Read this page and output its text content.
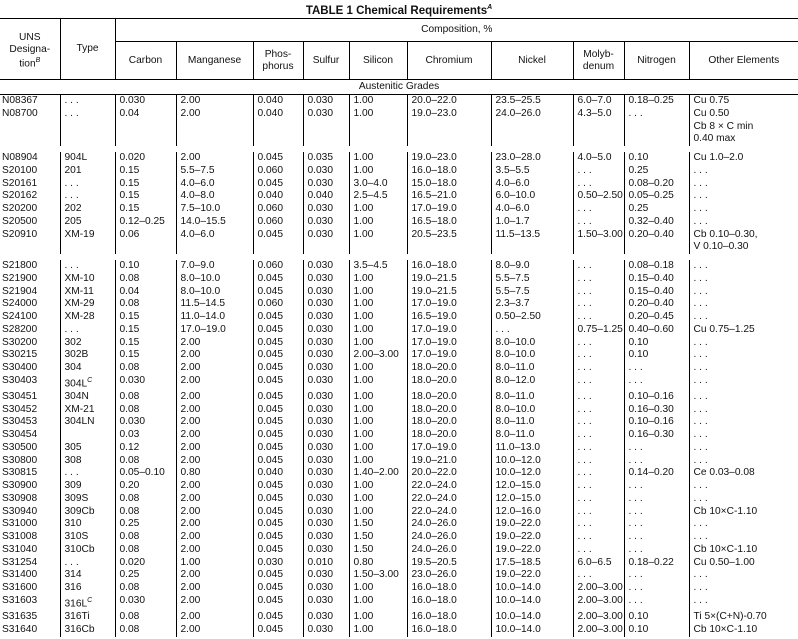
TABLE 1 Chemical Requirements$^A$
UNS
Designa-
tion$^B$	Type	Composition, %									
		Carbon	Manganese	Phos-
phorus	Sulfur	Silicon	Chromium	Nickel	Molyb-
denum	Nitrogen	Other Elements
Austenitic Grades											
N08367	. . .	0.030	2.00	0.040	0.030	1.00	20.0–22.0	23.5–25.5	6.0–7.0	0.18–0.25	Cu 0.75
N08700	. . .	0.04	2.00	0.040	0.030	1.00	19.0–23.0	24.0–26.0	4.3–5.0	. . .	Cu 0.50
											Cb 8 × C min
											0.40 max

N08904	904L	0.020	2.00	0.045	0.035	1.00	19.0–23.0	23.0–28.0	4.0–5.0	0.10	Cu 1.0–2.0
S20100	201	0.15	5.5–7.5	0.060	0.030	1.00	16.0–18.0	3.5–5.5	. . .	0.25	. . .
S20161	. . .	0.15	4.0–6.0	0.045	0.030	3.0–4.0	15.0–18.0	4.0–6.0	. . .	0.08–0.20	. . .
S20162	. . .	0.15	4.0–8.0	0.040	0.040	2.5–4.5	16.5–21.0	6.0–10.0	0.50–2.50	0.05–0.25	. . .
S20200	202	0.15	7.5–10.0	0.060	0.030	1.00	17.0–19.0	4.0–6.0	. . .	0.25	. . .
S20500	205	0.12–0.25	14.0–15.5	0.060	0.030	1.00	16.5–18.0	1.0–1.7	. . .	0.32–0.40	. . .
S20910	XM-19	0.06	4.0–6.0	0.045	0.030	1.00	20.5–23.5	11.5–13.5	1.50–3.00	0.20–0.40	Cb 0.10–0.30,
											V 0.10–0.30

S21800	. . .	0.10	7.0–9.0	0.060	0.030	3.5–4.5	16.0–18.0	8.0–9.0	. . .	0.08–0.18	. . .
S21900	XM-10	0.08	8.0–10.0	0.045	0.030	1.00	19.0–21.5	5.5–7.5	. . .	0.15–0.40	. . .
S21904	XM-11	0.04	8.0–10.0	0.045	0.030	1.00	19.0–21.5	5.5–7.5	. . .	0.15–0.40	. . .
S24000	XM-29	0.08	11.5–14.5	0.060	0.030	1.00	17.0–19.0	2.3–3.7	. . .	0.20–0.40	. . .
S24100	XM-28	0.15	11.0–14.0	0.045	0.030	1.00	16.5–19.0	0.50–2.50	. . .	0.20–0.45	. . .
S28200	. . .	0.15	17.0–19.0	0.045	0.030	1.00	17.0–19.0	. . .	0.75–1.25	0.40–0.60	Cu 0.75–1.25
S30200	302	0.15	2.00	0.045	0.030	1.00	17.0–19.0	8.0–10.0	. . .	0.10	. . .
S30215	302B	0.15	2.00	0.045	0.030	2.00–3.00	17.0–19.0	8.0–10.0	. . .	0.10	. . .
S30400	304	0.08	2.00	0.045	0.030	1.00	18.0–20.0	8.0–11.0	. . .	. . .	. . .
S30403	$304L^C$	0.030	2.00	0.045	0.030	1.00	18.0–20.0	8.0–12.0	. . .	. . .	. . .
S30451	304N	0.08	2.00	0.045	0.030	1.00	18.0–20.0	8.0–11.0	. . .	0.10–0.16	. . .
S30452	XM-21	0.08	2.00	0.045	0.030	1.00	18.0–20.0	8.0–10.0	. . .	0.16–0.30	. . .
S30453	304LN	0.030	2.00	0.045	0.030	1.00	18.0–20.0	8.0–11.0	. . .	0.10–0.16	. . .
S30454		0.03	2.00	0.045	0.030	1.00	18.0–20.0	8.0–11.0	. . .	0.16–0.30	. . .
S30500	305	0.12	2.00	0.045	0.030	1.00	17.0–19.0	11.0–13.0	. . .	. . .	. . .
S30800	308	0.08	2.00	0.045	0.030	1.00	19.0–21.0	10.0–12.0	. . .	. . .	. . .
S30815	. . .	0.05–0.10	0.80	0.040	0.030	1.40–2.00	20.0–22.0	10.0–12.0	. . .	0.14–0.20	Ce 0.03–0.08
S30900	309	0.20	2.00	0.045	0.030	1.00	22.0–24.0	12.0–15.0	. . .	. . .	. . .
S30908	309S	0.08	2.00	0.045	0.030	1.00	22.0–24.0	12.0–15.0	. . .	. . .	. . .
S30940	309Cb	0.08	2.00	0.045	0.030	1.00	22.0–24.0	12.0–16.0	. . .	. . .	Cb 10×C-1.10
S31000	310	0.25	2.00	0.045	0.030	1.50	24.0–26.0	19.0–22.0	. . .	. . .	. . .
S31008	310S	0.08	2.00	0.045	0.030	1.50	24.0–26.0	19.0–22.0	. . .	. . .	. . .
S31040	310Cb	0.08	2.00	0.045	0.030	1.50	24.0–26.0	19.0–22.0	. . .	. . .	Cb 10×C-1.10
S31254	. . .	0.020	1.00	0.030	0.010	0.80	19.5–20.5	17.5–18.5	6.0–6.5	0.18–0.22	Cu 0.50–1.00
S31400	314	0.25	2.00	0.045	0.030	1.50–3.00	23.0–26.0	19.0–22.0	. . .	. . .	. . .
S31600	316	0.08	2.00	0.045	0.030	1.00	16.0–18.0	10.0–14.0	2.00–3.00	. . .	. . .
S31603	$316L^C$	0.030	2.00	0.045	0.030	1.00	16.0–18.0	10.0–14.0	2.00–3.00	. . .	. . .
S31635	316Ti	0.08	2.00	0.045	0.030	1.00	16.0–18.0	10.0–14.0	2.00–3.00	0.10	Ti 5×(C+N)-0.70
S31640	316Cb	0.08	2.00	0.045	0.030	1.00	16.0–18.0	10.0–14.0	2.00–3.00	0.10	Cb 10×C-1.10
